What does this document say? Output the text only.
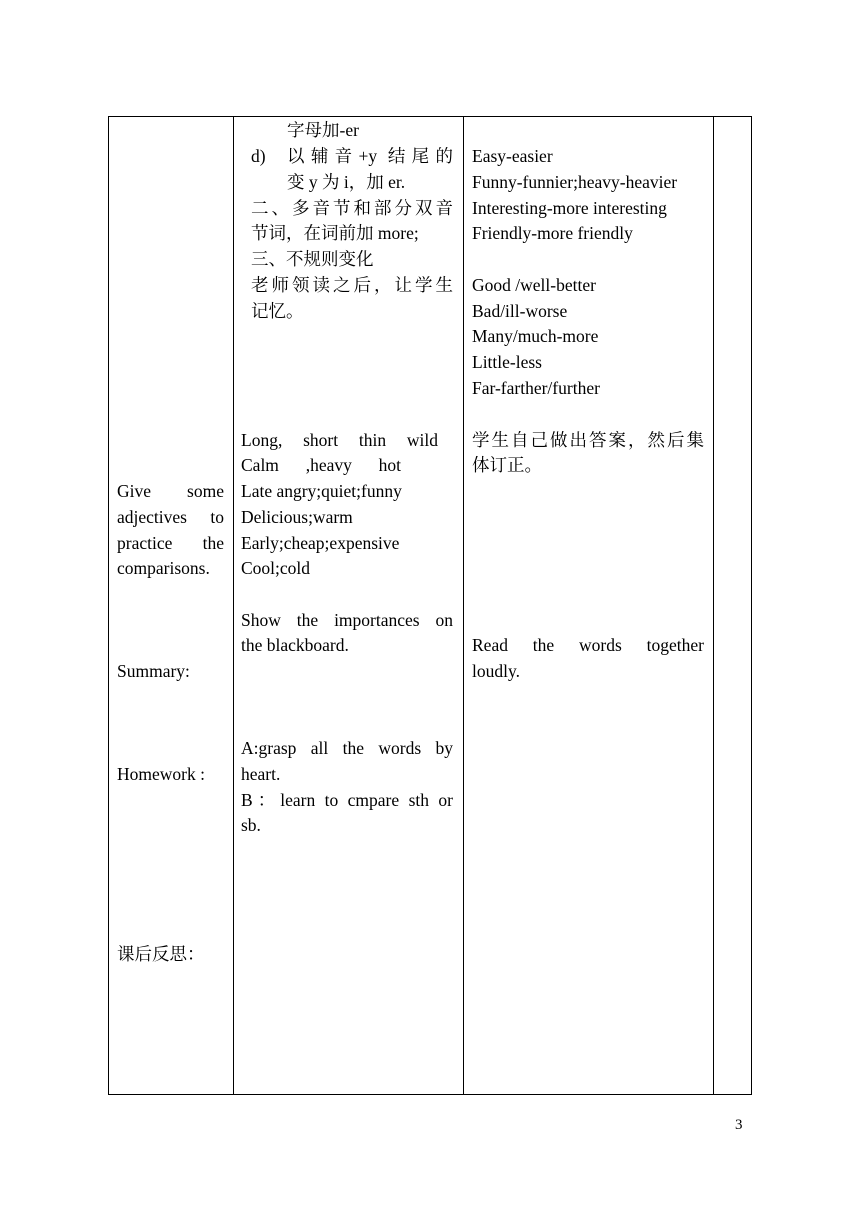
Give some
adjectives to
practice the
comparisons.
Summary:
Homework :
课后反思：
字母加-er
d) 以辅音+y 结尾的
变 y 为 i，加 er.
二、多音节和部分双音
节词，在词前加 more;
三、不规则变化
老师领读之后，让学生
记忆。
Long, short thin wild
Calm ,heavy hot
Late angry;quiet;funny
Delicious;warm
Early;cheap;expensive
Cool;cold
Show the importances on
the blackboard.
A:grasp all the words by
heart.
B：learn to cmpare sth or
sb.
Easy-easier
Funny-funnier;heavy-heavier
Interesting-more interesting
Friendly-more friendly
Good /well-better
Bad/ill-worse
Many/much-more
Little-less
Far-farther/further
学生自己做出答案，然后集
体订正。
Read the words together
loudly.
3
